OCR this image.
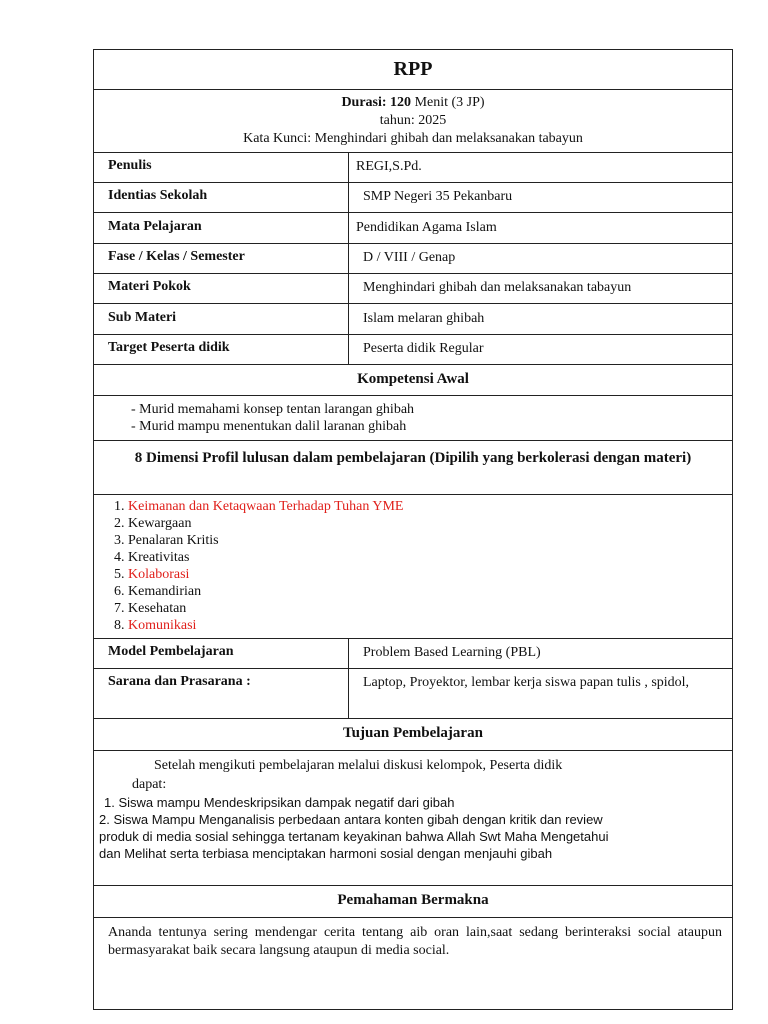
RPP
Durasi: 120 Menit (3 JP)
tahun: 2025
Kata Kunci: Menghindari ghibah dan melaksanakan tabayun
Penulis	REGI,S.Pd.
Identias Sekolah	SMP Negeri 35 Pekanbaru
Mata Pelajaran	Pendidikan Agama Islam
Fase / Kelas / Semester	D / VIII / Genap
Materi Pokok	Menghindari ghibah dan melaksanakan tabayun
Sub Materi	Islam melaran ghibah
Target Peserta didik	Peserta didik Regular
Kompetensi Awal
- Murid memahami konsep tentan larangan ghibah
- Murid mampu menentukan dalil laranan ghibah
8 Dimensi Profil lulusan dalam pembelajaran (Dipilih yang berkolerasi dengan materi)
1. Keimanan dan Ketaqwaan Terhadap Tuhan YME
2. Kewargaan
3. Penalaran Kritis
4. Kreativitas
5. Kolaborasi
6. Kemandirian
7. Kesehatan
8. Komunikasi
Model Pembelajaran	Problem Based Learning (PBL)
Sarana dan Prasarana :	Laptop, Proyektor, lembar kerja siswa papan tulis , spidol,
Tujuan Pembelajaran

Setelah mengikuti pembelajaran melalui diskusi kelompok, Peserta didik

dapat:

1. Siswa mampu Mendeskripsikan dampak negatif dari gibah

2. Siswa Mampu Menganalisis perbedaan antara konten gibah dengan kritik dan review produk di media sosial sehingga tertanam keyakinan bahwa Allah Swt Maha Mengetahui dan Melihat serta terbiasa menciptakan harmoni sosial dengan menjauhi gibah

Pemahaman Bermakna
Ananda tentunya sering mendengar cerita tentang aib oran lain,saat sedang berinteraksi social ataupun bermasyarakat baik secara langsung ataupun di media social.
